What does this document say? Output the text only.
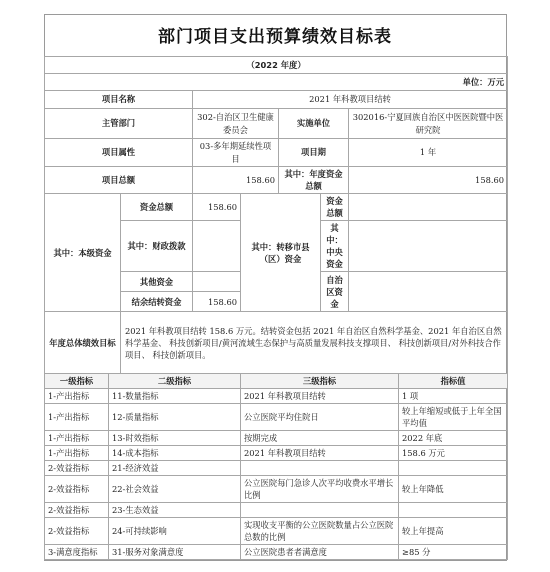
部门项目支出预算绩效目标表
（2022 年度）								
单位：万元								
项目名称			2021 年科教项目结转					
主管部门			302-自治区卫生健康委员会		实施单位		302016-宁夏回族自治区中医医院暨中医研究院	
项目属性			03-多年期延续性项目		项目期		1 年	
项目总额			158.60		其中：年度资金总额		158.60	
其中：本级资金		资金总额	158.60	其中：转移市县（区）资金		资金总额		
		其中：财政拨款				其中：中央资金		
		其他资金				自治区资金		
		结余结转资金	158.60					
年度总体绩效目标		2021 年科教项目结转 158.6 万元。结转资金包括 2021 年自治区自然科学基金、2021 年自治区自然科学基金、 科技创新项目/黄河流域生态保护与高质量发展科技支撑项目、 科技创新项目/对外科技合作项目、 科技创新项目。						
一级指标	二级指标			三级指标				指标值
1-产出指标	11-数量指标			2021 年科教项目结转				1 项
1-产出指标	12-质量指标			公立医院平均住院日				较上年缩短或低于上年全国平均值
1-产出指标	13-时效指标			按期完成				2022 年底
1-产出指标	14-成本指标			2021 年科教项目结转				158.6 万元
2-效益指标	21-经济效益							
2-效益指标	22-社会效益			公立医院每门急诊人次平均收费水平增长比例				较上年降低
2-效益指标	23-生态效益							
2-效益指标	24-可持续影响			实现收支平衡的公立医院数量占公立医院总数的比例				较上年提高
3-满意度指标	31-服务对象满意度			公立医院患者者满意度				≥85 分
